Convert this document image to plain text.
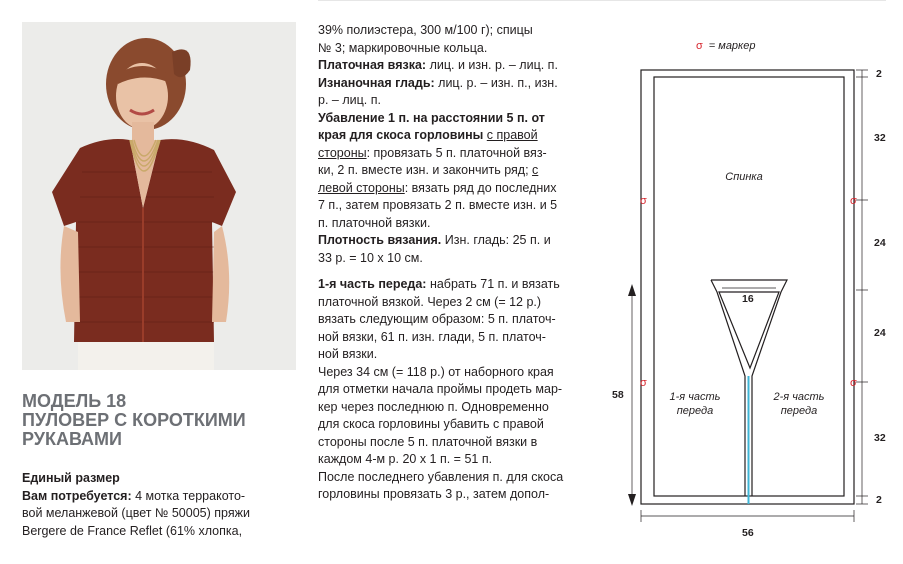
МОДЕЛЬ 18
ПУЛОВЕР С КОРОТКИМИ
РУКАВАМИ
Единый размер
Вам потребуется: 4 мотка терракото-
вой меланжевой (цвет № 50005) пряжи
Bergere de France Reflet (61% хлопка,

39% полиэстера, 300 м/100 г); спицы

№ 3; маркировочные кольца.

Платочная вязка: лиц. и изн. р. – лиц. п.

Изнаночная гладь: лиц. р. – изн. п., изн.

р. – лиц. п.

Убавление 1 п. на расстоянии 5 п. от

края для скоса горловины с правой

стороны: провязать 5 п. платочной вяз-

ки, 2 п. вместе изн. и закончить ряд; с

левой стороны: вязать ряд до последних

7 п., затем провязать 2 п. вместе изн. и 5

п. платочной вязки.

Плотность вязания. Изн. гладь: 25 п. и

33 р. = 10 х 10 см.

1-я часть переда: набрать 71 п. и вязать

платочной вязкой. Через 2 см (= 12 р.)

вязать следующим образом: 5 п. платоч-

ной вязки, 61 п. изн. глади, 5 п. платоч-

ной вязки.

Через 34 см (= 118 р.) от наборного края

для отметки начала проймы продеть мар-

кер через последнюю п. Одновременно

для скоса горловины убавить с правой

стороны после 5 п. платочной вязки в

каждом 4-м р. 20 х 1 п. = 51 п.

После последнего убавления п. для скоса

горловины провязать 3 р., затем допол-

σ = маркер
σ	σ
σ	σ
Спинка
1-я часть
переда
2-я часть
переда
16
2
32
24
24
32
2
58
56
